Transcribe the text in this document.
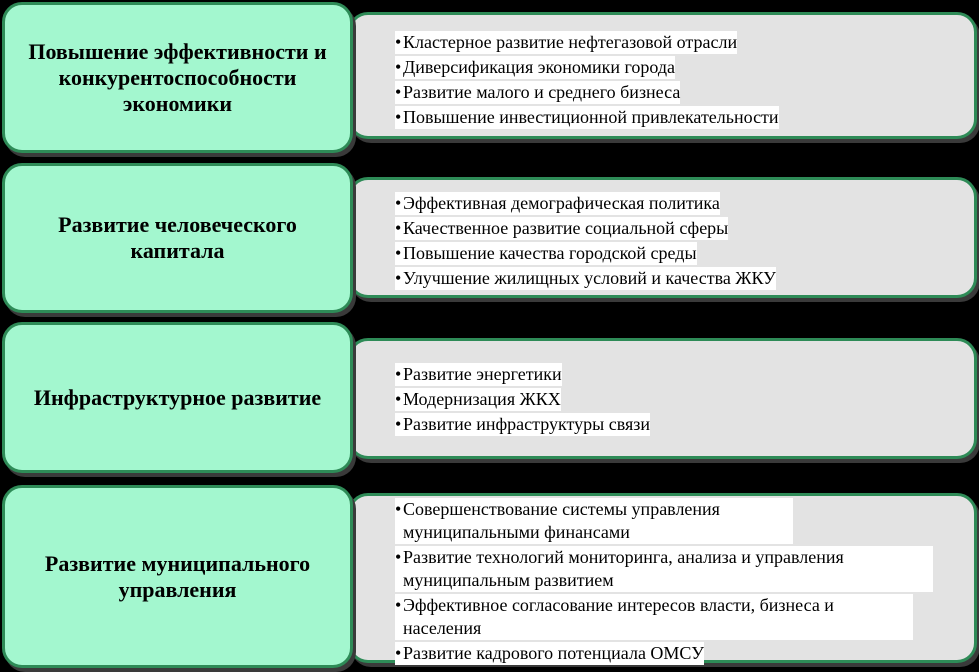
• Кластерное развитие нефтегазовой отрасли
• Диверсификация экономики города
• Развитие малого и среднего бизнеса
• Повышение инвестиционной привлекательности
Повышение эффективности и конкурентоспособности экономики
• Эффективная демографическая политика
• Качественное развитие социальной сферы
• Повышение качества городской среды
• Улучшение жилищных условий и качества ЖКУ
Развитие человеческого капитала
• Развитие энергетики
• Модернизация ЖКХ
• Развитие инфраструктуры связи
Инфраструктурное развитие
• Совершенствование системы управления муниципальными финансами
• Развитие технологий мониторинга, анализа и управления муниципальным развитием
• Эффективное согласование интересов власти, бизнеса и населения
• Развитие кадрового потенциала ОМСУ
Развитие муниципального управления
